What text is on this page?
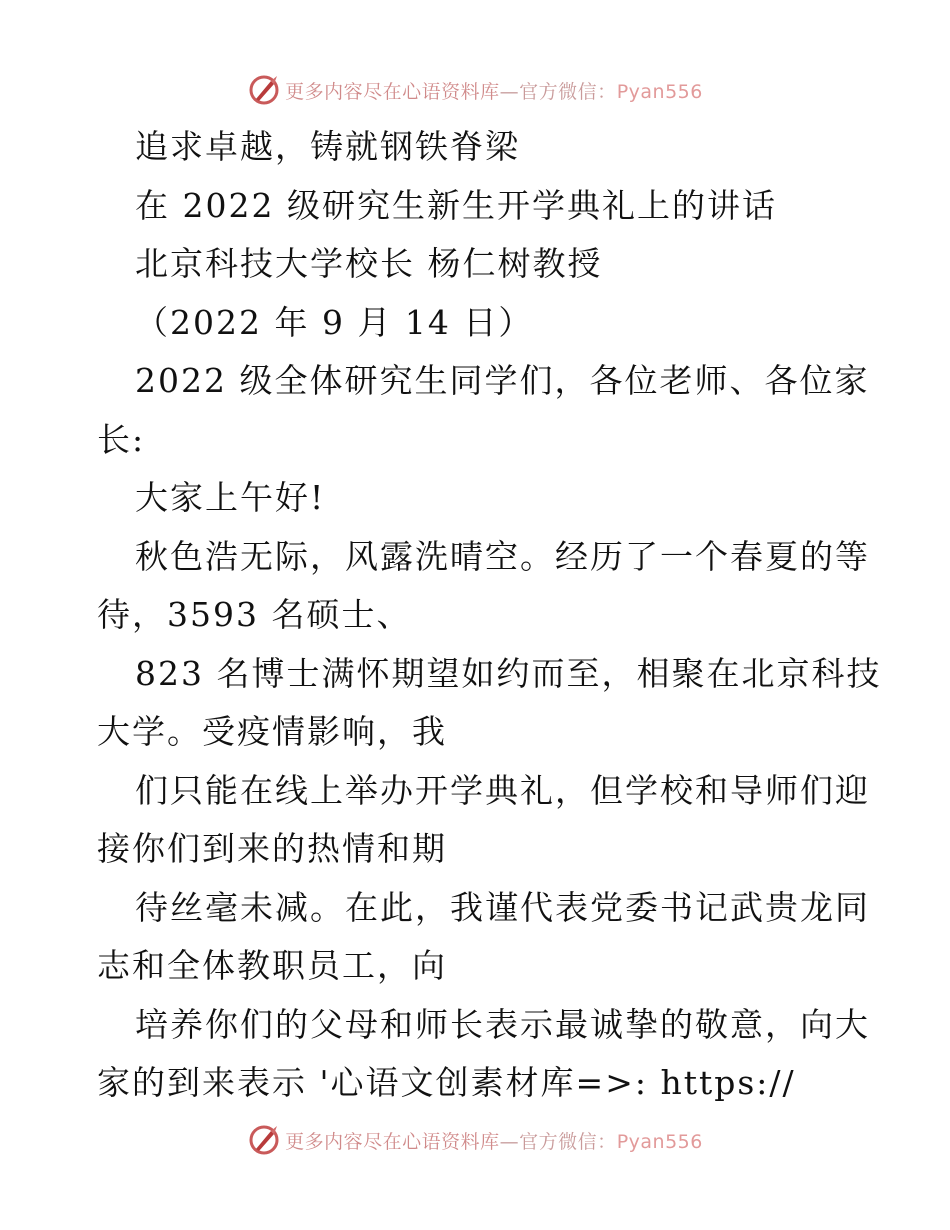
更多内容尽在心语资料库—官方微信：Pyan556
追求卓越，铸就钢铁脊梁
在 2022 级研究生新生开学典礼上的讲话
北京科技大学校长 杨仁树教授
（2022 年 9 月 14 日）
2022 级全体研究生同学们，各位老师、各位家
长:
大家上午好!
秋色浩无际，风露洗晴空。经历了一个春夏的等
待，3593 名硕士、
823 名博士满怀期望如约而至，相聚在北京科技
大学。受疫情影响，我
们只能在线上举办开学典礼，但学校和导师们迎
接你们到来的热情和期
待丝毫未减。在此，我谨代表党委书记武贵龙同
志和全体教职员工，向
培养你们的父母和师长表示最诚挚的敬意，向大
家的到来表示 '心语文创素材库=>: https://
更多内容尽在心语资料库—官方微信：Pyan556
